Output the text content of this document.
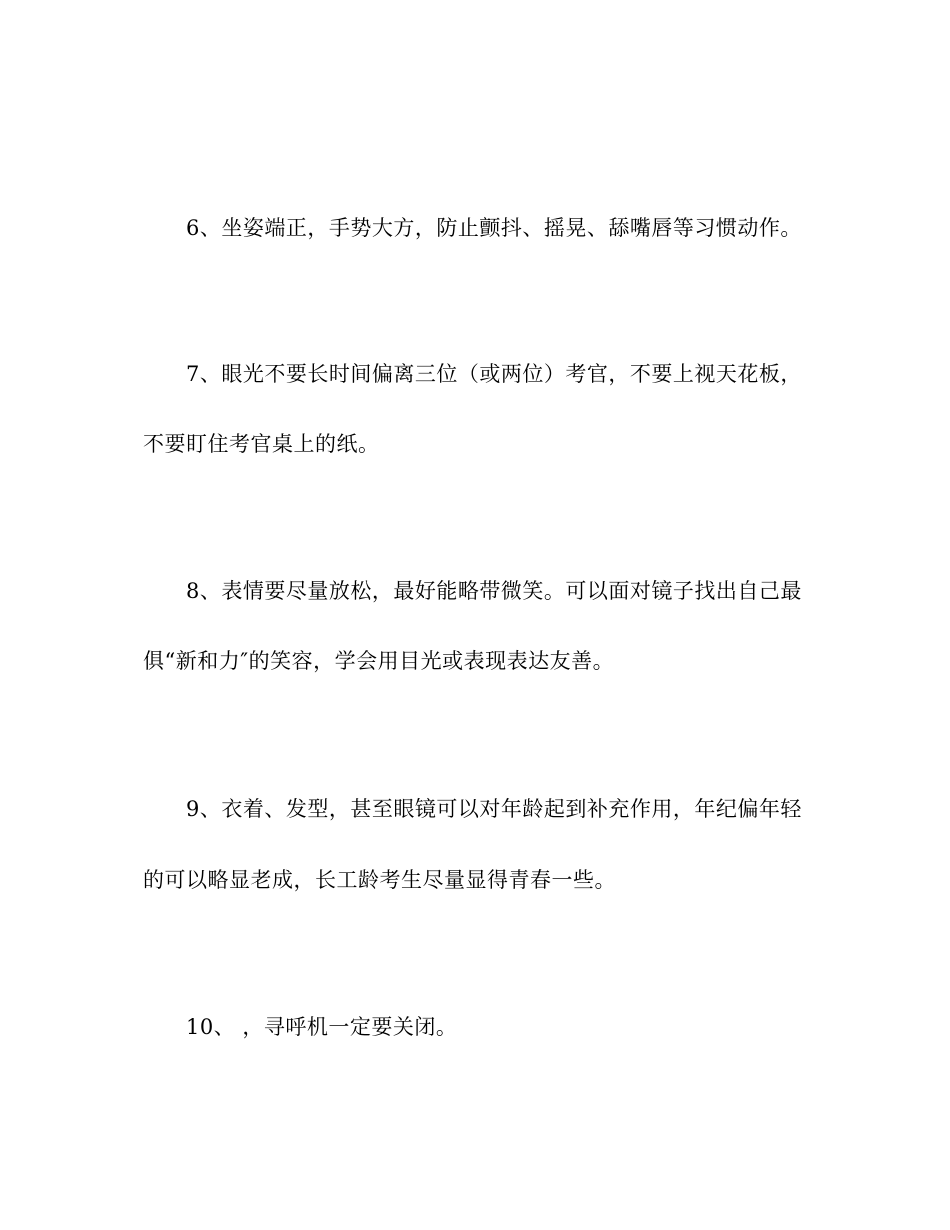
6、坐姿端正，手势大方，防止颤抖、摇晃、舔嘴唇等习惯动作。
7、眼光不要长时间偏离三位（或两位）考官，不要上视天花板，
不要盯住考官桌上的纸。
8、表情要尽量放松，最好能略带微笑。可以面对镜子找出自己最
俱“新和力″的笑容，学会用目光或表现表达友善。
9、衣着、发型，甚至眼镜可以对年龄起到补充作用，年纪偏年轻
的可以略显老成，长工龄考生尽量显得青春一些。
10、 ，寻呼机一定要关闭。
